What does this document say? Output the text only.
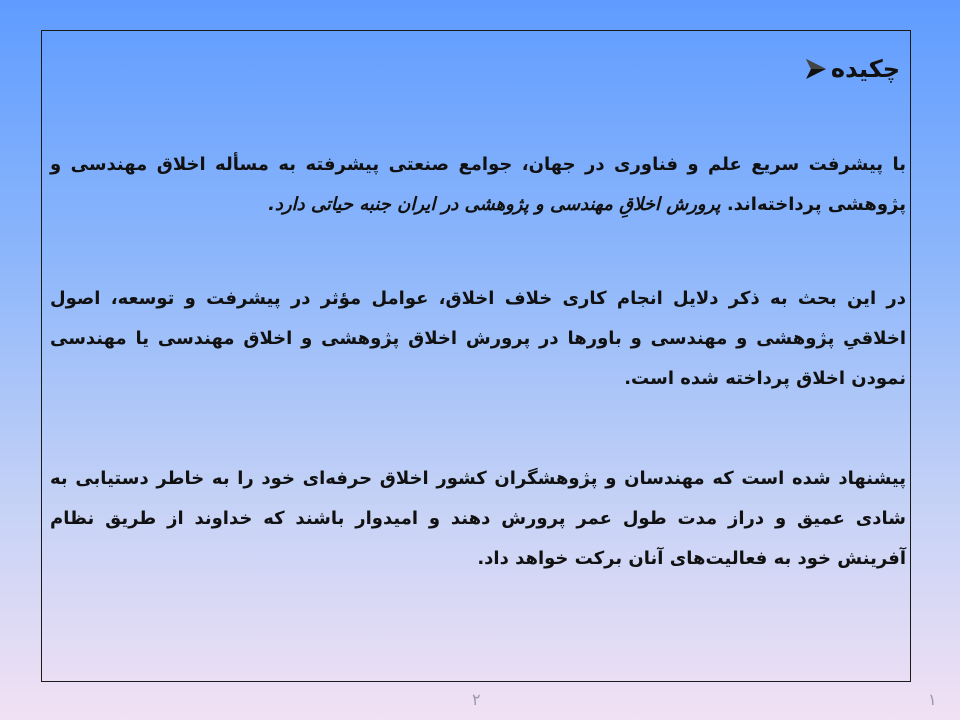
چکیده
با پیشرفت سریع علم و فناوری در جهان، جوامع صنعتی پیشرفته به مسأله اخلاق مهندسی و پژوهشی پرداخته‌اند. پرورش اخلاقِ مهندسی و پژوهشی در ایران جنبه حیاتی دارد.
در این بحث به ذکر دلایل انجام کاری خلاف اخلاق، عوامل مؤثر در پیشرفت و توسعه، اصول اخلاقیِ پژوهشی و مهندسی و باورها در پرورش اخلاق پژوهشی و اخلاق مهندسی یا مهندسی نمودن اخلاق پرداخته شده است.
پیشنهاد شده است که مهندسان و پژوهشگران کشور اخلاق حرفه‌ای خود را به خاطر دستیابی به شادی عمیق و دراز مدت طول عمر پرورش دهند و امیدوار باشند که خداوند از طریق نظام آفرینش خود به فعالیت‌های آنان برکت خواهد داد.
۲	۱
